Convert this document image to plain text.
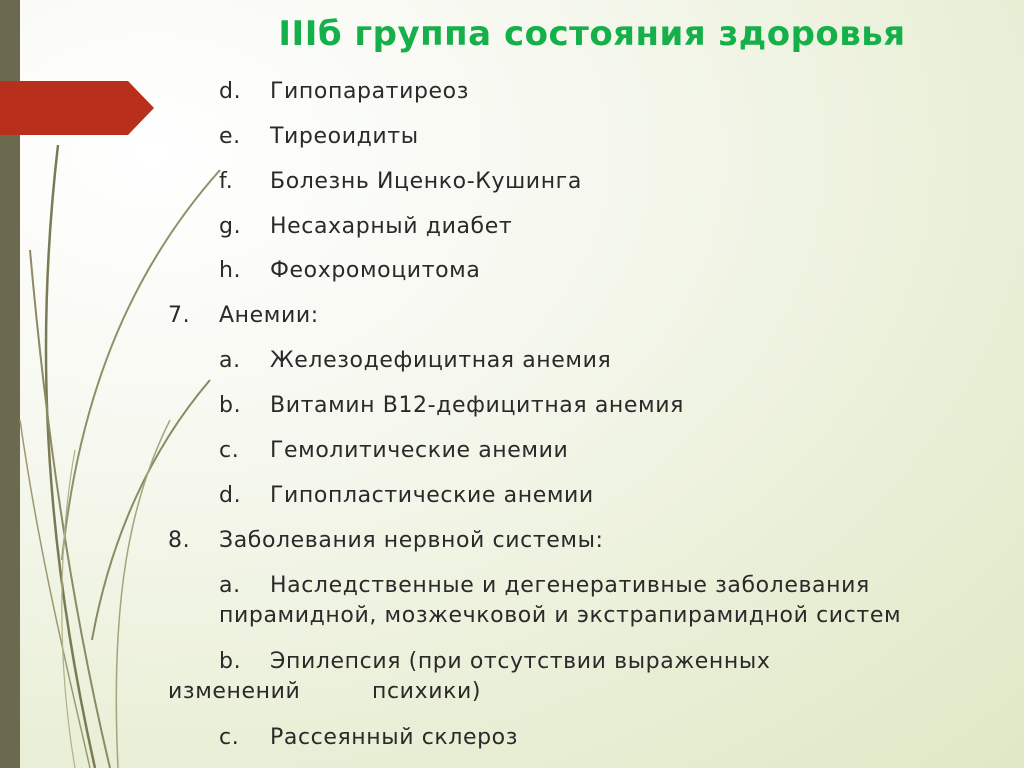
IIIб группа состояния здоровья
d. Гипопаратиреоз
e. Тиреоидиты
f. Болезнь Иценко-Кушинга
g. Несахарный диабет
h. Феохромоцитома
7. Анемии:
a. Железодефицитная анемия
b. Витамин В12-дефицитная анемия
c. Гемолитические анемии
d. Гипопластические анемии
8. Заболевания нервной системы:
a. Наследственные и дегенеративные заболевания
пирамидной, мозжечковой и экстрапирамидной систем
b. Эпилепсия (при отсутствии выраженных
изменений	психики)
c. Рассеянный склероз
